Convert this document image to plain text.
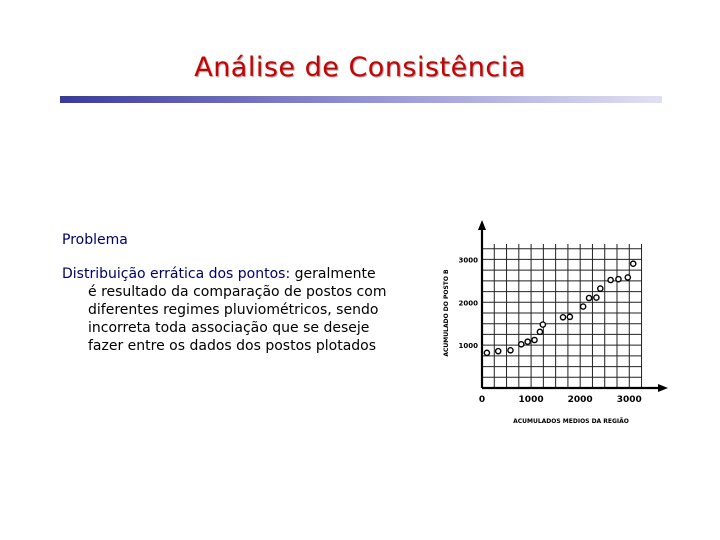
Análise de Consistência
Problema
Distribuição errática dos pontos: geralmente
é resultado da comparação de postos com
diferentes regimes pluviométricos, sendo
incorreta toda associação que se deseje
fazer entre os dados dos postos plotados
0	1000	2000	3000
1000
2000
3000
ACUMULADOS MEDIOS DA REGIÃO
ACUMULADO DO POSTO B
